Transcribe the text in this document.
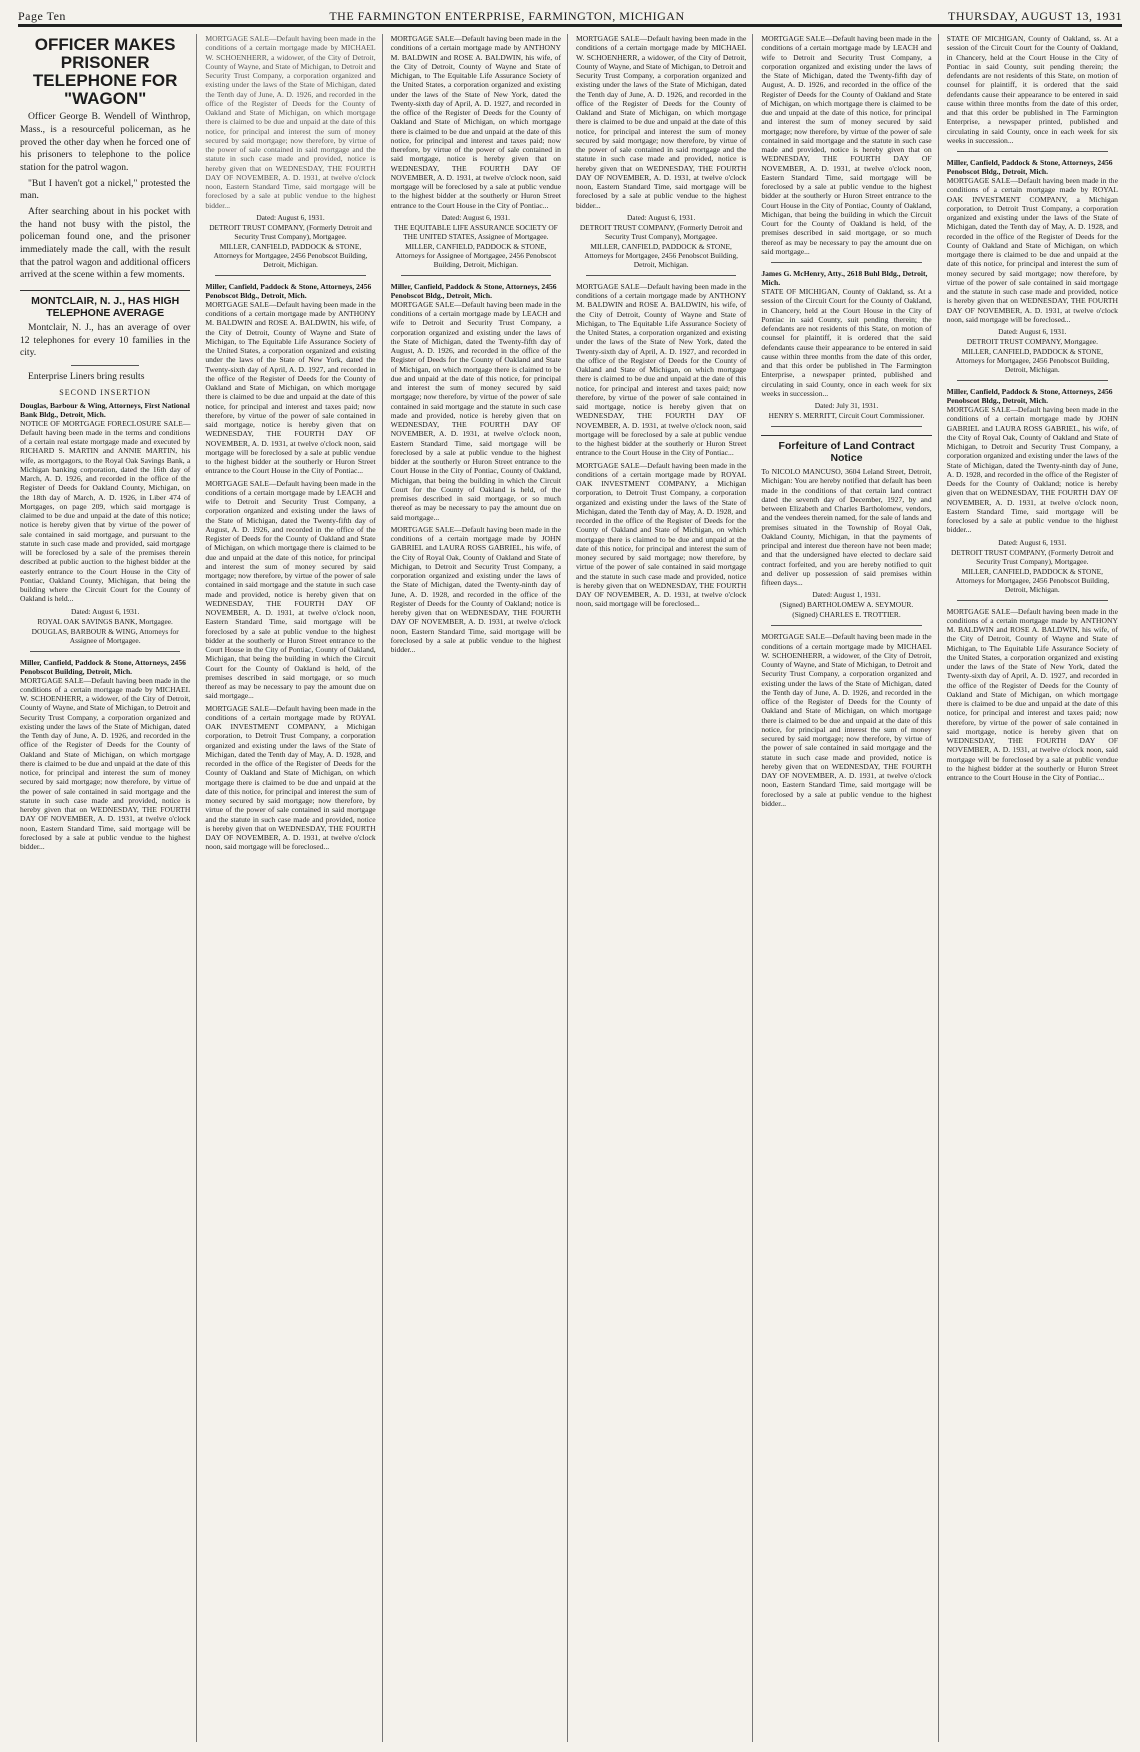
Page Ten	THE FARMINGTON ENTERPRISE, FARMINGTON, MICHIGAN	THURSDAY, AUGUST 13, 1931
OFFICER MAKES PRISONER TELEPHONE FOR "WAGON"

Officer George B. Wendell of Winthrop, Mass., is a resourceful policeman, as he proved the other day when he forced one of his prisoners to telephone to the police station for the patrol wagon.

"But I haven't got a nickel," protested the man.

After searching about in his pocket with the hand not busy with the pistol, the policeman found one, and the prisoner immediately made the call, with the result that the patrol wagon and additional officers arrived at the scene within a few moments.

MONTCLAIR, N. J., HAS HIGH TELEPHONE AVERAGE

Montclair, N. J., has an average of over 12 telephones for every 10 families in the city.

Enterprise Liners bring results

SECOND INSERTION
Douglas, Barbour & Wing, Attorneys, First National Bank Bldg., Detroit, Mich.

NOTICE OF MORTGAGE FORECLOSURE SALE—Default having been made in the terms and conditions of a certain real estate mortgage made and executed by RICHARD S. MARTIN and ANNIE MARTIN, his wife, as mortgagors, to the Royal Oak Savings Bank, a Michigan banking corporation, dated the 16th day of March, A. D. 1926, and recorded in the office of the Register of Deeds for Oakland County, Michigan, on the 18th day of March, A. D. 1926, in Liber 474 of Mortgages, on page 209, which said mortgage is claimed to be due and unpaid at the date of this notice; notice is hereby given that by virtue of the power of sale contained in said mortgage, and pursuant to the statute in such case made and provided, said mortgage will be foreclosed by a sale of the premises therein described at public auction to the highest bidder at the easterly entrance to the Court House in the City of Pontiac, Oakland County, Michigan, that being the building where the Circuit Court for the County of Oakland is held...

Dated: August 6, 1931.
ROYAL OAK SAVINGS BANK, Mortgagee.
DOUGLAS, BARBOUR & WING, Attorneys for Assignee of Mortgagee.
Miller, Canfield, Paddock & Stone, Attorneys, 2456 Penobscot Building, Detroit, Mich.

MORTGAGE SALE—Default having been made in the conditions of a certain mortgage made by MICHAEL W. SCHOENHERR, a widower, of the City of Detroit, County of Wayne, and State of Michigan, to Detroit and Security Trust Company, a corporation organized and existing under the laws of the State of Michigan, dated the Tenth day of June, A. D. 1926, and recorded in the office of the Register of Deeds for the County of Oakland and State of Michigan, on which mortgage there is claimed to be due and unpaid at the date of this notice, for principal and interest the sum of money secured by said mortgage; now therefore, by virtue of the power of sale contained in said mortgage and the statute in such case made and provided, notice is hereby given that on WEDNESDAY, THE FOURTH DAY OF NOVEMBER, A. D. 1931, at twelve o'clock noon, Eastern Standard Time, said mortgage will be foreclosed by a sale at public vendue to the highest bidder...

MORTGAGE SALE—Default having been made in the conditions of a certain mortgage made by MICHAEL W. SCHOENHERR, a widower, of the City of Detroit, County of Wayne, and State of Michigan, to Detroit and Security Trust Company, a corporation organized and existing under the laws of the State of Michigan, dated the Tenth day of June, A. D. 1926, and recorded in the office of the Register of Deeds for the County of Oakland and State of Michigan, on which mortgage there is claimed to be due and unpaid at the date of this notice, for principal and interest the sum of money secured by said mortgage; now therefore, by virtue of the power of sale contained in said mortgage and the statute in such case made and provided, notice is hereby given that on WEDNESDAY, THE FOURTH DAY OF NOVEMBER, A. D. 1931, at twelve o'clock noon, Eastern Standard Time, said mortgage will be foreclosed by a sale at public vendue to the highest bidder...

Dated: August 6, 1931.
DETROIT TRUST COMPANY, (Formerly Detroit and Security Trust Company), Mortgagee.
MILLER, CANFIELD, PADDOCK & STONE, Attorneys for Mortgagee, 2456 Penobscot Building, Detroit, Michigan.
Miller, Canfield, Paddock & Stone, Attorneys, 2456 Penobscot Bldg., Detroit, Mich.

MORTGAGE SALE—Default having been made in the conditions of a certain mortgage made by ANTHONY M. BALDWIN and ROSE A. BALDWIN, his wife, of the City of Detroit, County of Wayne and State of Michigan, to The Equitable Life Assurance Society of the United States, a corporation organized and existing under the laws of the State of New York, dated the Twenty-sixth day of April, A. D. 1927, and recorded in the office of the Register of Deeds for the County of Oakland and State of Michigan, on which mortgage there is claimed to be due and unpaid at the date of this notice, for principal and interest and taxes paid; now therefore, by virtue of the power of sale contained in said mortgage, notice is hereby given that on WEDNESDAY, THE FOURTH DAY OF NOVEMBER, A. D. 1931, at twelve o'clock noon, said mortgage will be foreclosed by a sale at public vendue to the highest bidder at the southerly or Huron Street entrance to the Court House in the City of Pontiac...

MORTGAGE SALE—Default having been made in the conditions of a certain mortgage made by LEACH and wife to Detroit and Security Trust Company, a corporation organized and existing under the laws of the State of Michigan, dated the Twenty-fifth day of August, A. D. 1926, and recorded in the office of the Register of Deeds for the County of Oakland and State of Michigan, on which mortgage there is claimed to be due and unpaid at the date of this notice, for principal and interest the sum of money secured by said mortgage; now therefore, by virtue of the power of sale contained in said mortgage and the statute in such case made and provided, notice is hereby given that on WEDNESDAY, THE FOURTH DAY OF NOVEMBER, A. D. 1931, at twelve o'clock noon, Eastern Standard Time, said mortgage will be foreclosed by a sale at public vendue to the highest bidder at the southerly or Huron Street entrance to the Court House in the City of Pontiac, County of Oakland, Michigan, that being the building in which the Circuit Court for the County of Oakland is held, of the premises described in said mortgage, or so much thereof as may be necessary to pay the amount due on said mortgage...

MORTGAGE SALE—Default having been made in the conditions of a certain mortgage made by ROYAL OAK INVESTMENT COMPANY, a Michigan corporation, to Detroit Trust Company, a corporation organized and existing under the laws of the State of Michigan, dated the Tenth day of May, A. D. 1928, and recorded in the office of the Register of Deeds for the County of Oakland and State of Michigan, on which mortgage there is claimed to be due and unpaid at the date of this notice, for principal and interest the sum of money secured by said mortgage; now therefore, by virtue of the power of sale contained in said mortgage and the statute in such case made and provided, notice is hereby given that on WEDNESDAY, THE FOURTH DAY OF NOVEMBER, A. D. 1931, at twelve o'clock noon, said mortgage will be foreclosed...

MORTGAGE SALE—Default having been made in the conditions of a certain mortgage made by ANTHONY M. BALDWIN and ROSE A. BALDWIN, his wife, of the City of Detroit, County of Wayne and State of Michigan, to The Equitable Life Assurance Society of the United States, a corporation organized and existing under the laws of the State of New York, dated the Twenty-sixth day of April, A. D. 1927, and recorded in the office of the Register of Deeds for the County of Oakland and State of Michigan, on which mortgage there is claimed to be due and unpaid at the date of this notice, for principal and interest and taxes paid; now therefore, by virtue of the power of sale contained in said mortgage, notice is hereby given that on WEDNESDAY, THE FOURTH DAY OF NOVEMBER, A. D. 1931, at twelve o'clock noon, said mortgage will be foreclosed by a sale at public vendue to the highest bidder at the southerly or Huron Street entrance to the Court House in the City of Pontiac...

Dated: August 6, 1931.
THE EQUITABLE LIFE ASSURANCE SOCIETY OF THE UNITED STATES, Assignee of Mortgagee.
MILLER, CANFIELD, PADDOCK & STONE, Attorneys for Assignee of Mortgagee, 2456 Penobscot Building, Detroit, Michigan.
Miller, Canfield, Paddock & Stone, Attorneys, 2456 Penobscot Bldg., Detroit, Mich.

MORTGAGE SALE—Default having been made in the conditions of a certain mortgage made by LEACH and wife to Detroit and Security Trust Company, a corporation organized and existing under the laws of the State of Michigan, dated the Twenty-fifth day of August, A. D. 1926, and recorded in the office of the Register of Deeds for the County of Oakland and State of Michigan, on which mortgage there is claimed to be due and unpaid at the date of this notice, for principal and interest the sum of money secured by said mortgage; now therefore, by virtue of the power of sale contained in said mortgage and the statute in such case made and provided, notice is hereby given that on WEDNESDAY, THE FOURTH DAY OF NOVEMBER, A. D. 1931, at twelve o'clock noon, Eastern Standard Time, said mortgage will be foreclosed by a sale at public vendue to the highest bidder at the southerly or Huron Street entrance to the Court House in the City of Pontiac, County of Oakland, Michigan, that being the building in which the Circuit Court for the County of Oakland is held, of the premises described in said mortgage, or so much thereof as may be necessary to pay the amount due on said mortgage...

MORTGAGE SALE—Default having been made in the conditions of a certain mortgage made by JOHN GABRIEL and LAURA ROSS GABRIEL, his wife, of the City of Royal Oak, County of Oakland and State of Michigan, to Detroit and Security Trust Company, a corporation organized and existing under the laws of the State of Michigan, dated the Twenty-ninth day of June, A. D. 1928, and recorded in the office of the Register of Deeds for the County of Oakland; notice is hereby given that on WEDNESDAY, THE FOURTH DAY OF NOVEMBER, A. D. 1931, at twelve o'clock noon, Eastern Standard Time, said mortgage will be foreclosed by a sale at public vendue to the highest bidder...

MORTGAGE SALE—Default having been made in the conditions of a certain mortgage made by MICHAEL W. SCHOENHERR, a widower, of the City of Detroit, County of Wayne, and State of Michigan, to Detroit and Security Trust Company, a corporation organized and existing under the laws of the State of Michigan, dated the Tenth day of June, A. D. 1926, and recorded in the office of the Register of Deeds for the County of Oakland and State of Michigan, on which mortgage there is claimed to be due and unpaid at the date of this notice, for principal and interest the sum of money secured by said mortgage; now therefore, by virtue of the power of sale contained in said mortgage and the statute in such case made and provided, notice is hereby given that on WEDNESDAY, THE FOURTH DAY OF NOVEMBER, A. D. 1931, at twelve o'clock noon, Eastern Standard Time, said mortgage will be foreclosed by a sale at public vendue to the highest bidder...

Dated: August 6, 1931.
DETROIT TRUST COMPANY, (Formerly Detroit and Security Trust Company), Mortgagee.
MILLER, CANFIELD, PADDOCK & STONE, Attorneys for Mortgagee, 2456 Penobscot Building, Detroit, Michigan.

MORTGAGE SALE—Default having been made in the conditions of a certain mortgage made by ANTHONY M. BALDWIN and ROSE A. BALDWIN, his wife, of the City of Detroit, County of Wayne and State of Michigan, to The Equitable Life Assurance Society of the United States, a corporation organized and existing under the laws of the State of New York, dated the Twenty-sixth day of April, A. D. 1927, and recorded in the office of the Register of Deeds for the County of Oakland and State of Michigan, on which mortgage there is claimed to be due and unpaid at the date of this notice, for principal and interest and taxes paid; now therefore, by virtue of the power of sale contained in said mortgage, notice is hereby given that on WEDNESDAY, THE FOURTH DAY OF NOVEMBER, A. D. 1931, at twelve o'clock noon, said mortgage will be foreclosed by a sale at public vendue to the highest bidder at the southerly or Huron Street entrance to the Court House in the City of Pontiac...

MORTGAGE SALE—Default having been made in the conditions of a certain mortgage made by ROYAL OAK INVESTMENT COMPANY, a Michigan corporation, to Detroit Trust Company, a corporation organized and existing under the laws of the State of Michigan, dated the Tenth day of May, A. D. 1928, and recorded in the office of the Register of Deeds for the County of Oakland and State of Michigan, on which mortgage there is claimed to be due and unpaid at the date of this notice, for principal and interest the sum of money secured by said mortgage; now therefore, by virtue of the power of sale contained in said mortgage and the statute in such case made and provided, notice is hereby given that on WEDNESDAY, THE FOURTH DAY OF NOVEMBER, A. D. 1931, at twelve o'clock noon, said mortgage will be foreclosed...

MORTGAGE SALE—Default having been made in the conditions of a certain mortgage made by LEACH and wife to Detroit and Security Trust Company, a corporation organized and existing under the laws of the State of Michigan, dated the Twenty-fifth day of August, A. D. 1926, and recorded in the office of the Register of Deeds for the County of Oakland and State of Michigan, on which mortgage there is claimed to be due and unpaid at the date of this notice, for principal and interest the sum of money secured by said mortgage; now therefore, by virtue of the power of sale contained in said mortgage and the statute in such case made and provided, notice is hereby given that on WEDNESDAY, THE FOURTH DAY OF NOVEMBER, A. D. 1931, at twelve o'clock noon, Eastern Standard Time, said mortgage will be foreclosed by a sale at public vendue to the highest bidder at the southerly or Huron Street entrance to the Court House in the City of Pontiac, County of Oakland, Michigan, that being the building in which the Circuit Court for the County of Oakland is held, of the premises described in said mortgage, or so much thereof as may be necessary to pay the amount due on said mortgage...

James G. McHenry, Atty., 2618 Buhl Bldg., Detroit, Mich.

STATE OF MICHIGAN, County of Oakland, ss. At a session of the Circuit Court for the County of Oakland, in Chancery, held at the Court House in the City of Pontiac in said County, suit pending therein; the defendants are not residents of this State, on motion of counsel for plaintiff, it is ordered that the said defendants cause their appearance to be entered in said cause within three months from the date of this order, and that this order be published in The Farmington Enterprise, a newspaper printed, published and circulating in said County, once in each week for six weeks in succession...

Dated: July 31, 1931.
HENRY S. MERRITT, Circuit Court Commissioner.
Forfeiture of Land Contract Notice

To NICOLO MANCUSO, 3604 Leland Street, Detroit, Michigan: You are hereby notified that default has been made in the conditions of that certain land contract dated the seventh day of December, 1927, by and between Elizabeth and Charles Bartholomew, vendors, and the vendees therein named, for the sale of lands and premises situated in the Township of Royal Oak, Oakland County, Michigan, in that the payments of principal and interest due thereon have not been made; and that the undersigned have elected to declare said contract forfeited, and you are hereby notified to quit and deliver up possession of said premises within fifteen days...

Dated: August 1, 1931.
(Signed) BARTHOLOMEW A. SEYMOUR.
(Signed) CHARLES E. TROTTIER.

MORTGAGE SALE—Default having been made in the conditions of a certain mortgage made by MICHAEL W. SCHOENHERR, a widower, of the City of Detroit, County of Wayne, and State of Michigan, to Detroit and Security Trust Company, a corporation organized and existing under the laws of the State of Michigan, dated the Tenth day of June, A. D. 1926, and recorded in the office of the Register of Deeds for the County of Oakland and State of Michigan, on which mortgage there is claimed to be due and unpaid at the date of this notice, for principal and interest the sum of money secured by said mortgage; now therefore, by virtue of the power of sale contained in said mortgage and the statute in such case made and provided, notice is hereby given that on WEDNESDAY, THE FOURTH DAY OF NOVEMBER, A. D. 1931, at twelve o'clock noon, Eastern Standard Time, said mortgage will be foreclosed by a sale at public vendue to the highest bidder...

STATE OF MICHIGAN, County of Oakland, ss. At a session of the Circuit Court for the County of Oakland, in Chancery, held at the Court House in the City of Pontiac in said County, suit pending therein; the defendants are not residents of this State, on motion of counsel for plaintiff, it is ordered that the said defendants cause their appearance to be entered in said cause within three months from the date of this order, and that this order be published in The Farmington Enterprise, a newspaper printed, published and circulating in said County, once in each week for six weeks in succession...

Miller, Canfield, Paddock & Stone, Attorneys, 2456 Penobscot Bldg., Detroit, Mich.

MORTGAGE SALE—Default having been made in the conditions of a certain mortgage made by ROYAL OAK INVESTMENT COMPANY, a Michigan corporation, to Detroit Trust Company, a corporation organized and existing under the laws of the State of Michigan, dated the Tenth day of May, A. D. 1928, and recorded in the office of the Register of Deeds for the County of Oakland and State of Michigan, on which mortgage there is claimed to be due and unpaid at the date of this notice, for principal and interest the sum of money secured by said mortgage; now therefore, by virtue of the power of sale contained in said mortgage and the statute in such case made and provided, notice is hereby given that on WEDNESDAY, THE FOURTH DAY OF NOVEMBER, A. D. 1931, at twelve o'clock noon, said mortgage will be foreclosed...

Dated: August 6, 1931.
DETROIT TRUST COMPANY, Mortgagee.
MILLER, CANFIELD, PADDOCK & STONE, Attorneys for Mortgagee, 2456 Penobscot Building, Detroit, Michigan.
Miller, Canfield, Paddock & Stone, Attorneys, 2456 Penobscot Bldg., Detroit, Mich.

MORTGAGE SALE—Default having been made in the conditions of a certain mortgage made by JOHN GABRIEL and LAURA ROSS GABRIEL, his wife, of the City of Royal Oak, County of Oakland and State of Michigan, to Detroit and Security Trust Company, a corporation organized and existing under the laws of the State of Michigan, dated the Twenty-ninth day of June, A. D. 1928, and recorded in the office of the Register of Deeds for the County of Oakland; notice is hereby given that on WEDNESDAY, THE FOURTH DAY OF NOVEMBER, A. D. 1931, at twelve o'clock noon, Eastern Standard Time, said mortgage will be foreclosed by a sale at public vendue to the highest bidder...

Dated: August 6, 1931.
DETROIT TRUST COMPANY, (Formerly Detroit and Security Trust Company), Mortgagee.
MILLER, CANFIELD, PADDOCK & STONE, Attorneys for Mortgagee, 2456 Penobscot Building, Detroit, Michigan.

MORTGAGE SALE—Default having been made in the conditions of a certain mortgage made by ANTHONY M. BALDWIN and ROSE A. BALDWIN, his wife, of the City of Detroit, County of Wayne and State of Michigan, to The Equitable Life Assurance Society of the United States, a corporation organized and existing under the laws of the State of New York, dated the Twenty-sixth day of April, A. D. 1927, and recorded in the office of the Register of Deeds for the County of Oakland and State of Michigan, on which mortgage there is claimed to be due and unpaid at the date of this notice, for principal and interest and taxes paid; now therefore, by virtue of the power of sale contained in said mortgage, notice is hereby given that on WEDNESDAY, THE FOURTH DAY OF NOVEMBER, A. D. 1931, at twelve o'clock noon, said mortgage will be foreclosed by a sale at public vendue to the highest bidder at the southerly or Huron Street entrance to the Court House in the City of Pontiac...
